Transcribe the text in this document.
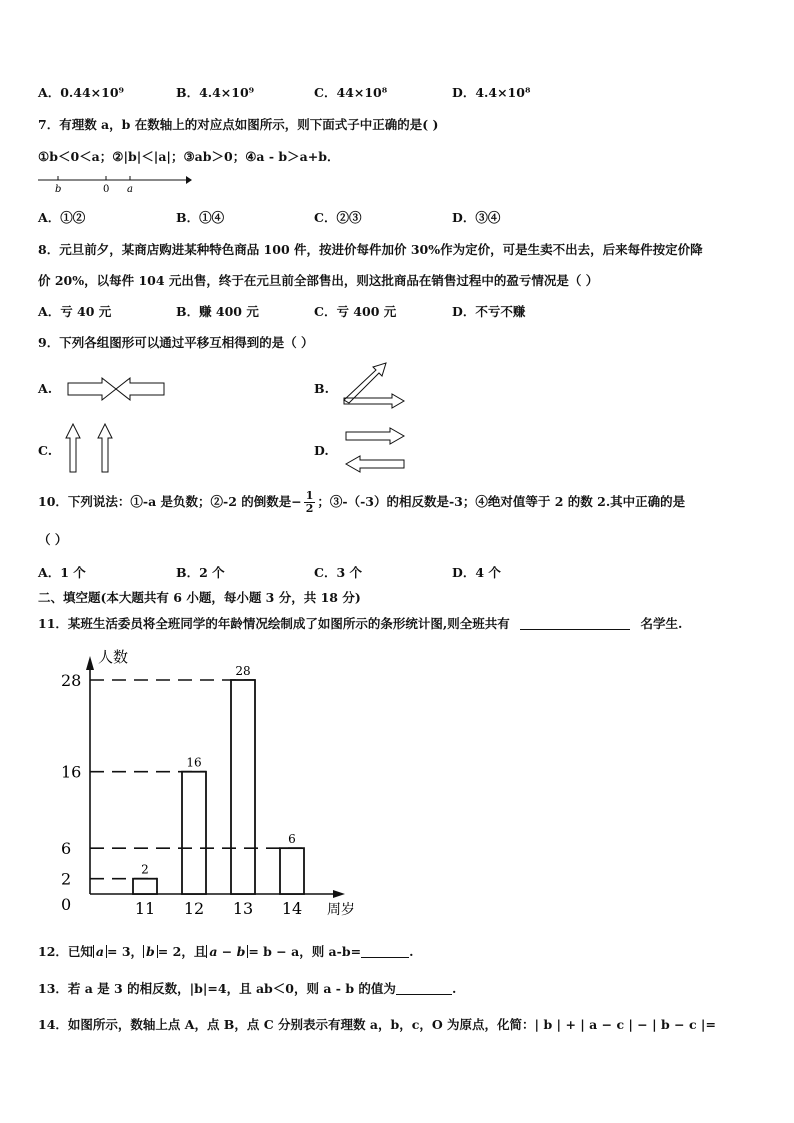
A．0.44×10⁹	B．4.4×10⁹	C．44×10⁸	D．4.4×10⁸
7．有理数 a，b 在数轴上的对应点如图所示，则下面式子中正确的是( )
①b＜0＜a；②|b|＜|a|；③ab＞0；④a - b＞a+b．
b	0 a
A．①②	B．①④	C．②③	D．③④
8．元旦前夕，某商店购进某种特色商品 100 件，按进价每件加价 30%作为定价，可是生卖不出去，后来每件按定价降
价 20%，以每件 104 元出售，终于在元旦前全部售出，则这批商品在销售过程中的盈亏情况是（ ）
A．亏 40 元	B．赚 400 元	C．亏 400 元	D．不亏不赚
9．下列各组图形可以通过平移互相得到的是（ ）
A.	B.
C.	D.
10．下列说法：①-a 是负数；②-2 的倒数是− $\frac{1}{2}$ ；③-（-3）的相反数是-3；④绝对值等于 2 的数 2.其中正确的是
（ ）
A．1 个	B．2 个	C．3 个	D．4 个
二、填空题(本大题共有 6 小题，每小题 3 分，共 18 分)
11．某班生活委员将全班同学的年龄情况绘制成了如图所示的条形统计图,则全班共有	名学生.
人数
周岁
0
2
6
16
28
2
11
16
12
28
13
6
14
12．已知 a = 3， b = 2，且 a − b = b − a，则 a-b=	.
13．若 a 是 3 的相反数，|b|=4，且 ab＜0，则 a - b 的值为	.
14．如图所示，数轴上点 A，点 B，点 C 分别表示有理数 a，b，c，O 为原点，化简：| b | + | a − c | − | b − c |=
